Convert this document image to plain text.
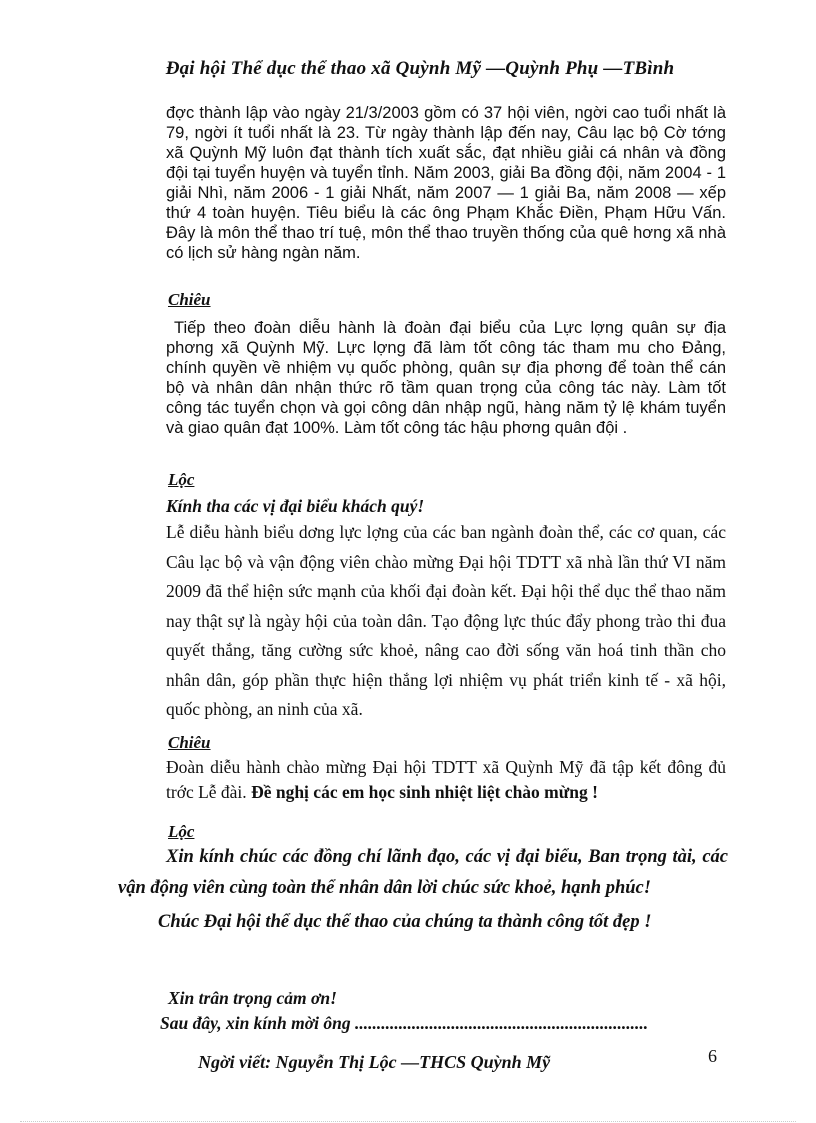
Đại hội Thể dục thể thao xã Quỳnh Mỹ —Quỳnh Phụ —TBình

đợc thành lập vào ngày 21/3/2003 gồm có 37 hội viên, ngời cao tuổi nhất là 79, ngời ít tuổi nhất là 23. Từ ngày thành lập đến nay, Câu lạc bộ Cờ tớng xã Quỳnh Mỹ luôn đạt thành tích xuất sắc, đạt nhiều giải cá nhân và đồng đội tại tuyển huyện và tuyển tỉnh. Năm 2003, giải Ba đồng đội, năm 2004 - 1 giải Nhì, năm 2006 - 1 giải Nhất, năm 2007 — 1 giải Ba, năm 2008 — xếp thứ 4 toàn huyện. Tiêu biểu là các ông Phạm Khắc Điền, Phạm Hữu Vấn. Đây là môn thể thao trí tuệ, môn thể thao truyền thống của quê hơng xã nhà có lịch sử hàng ngàn năm.

Chiêu

Tiếp theo đoàn diễu hành là đoàn đại biểu của Lực lợng quân sự địa phơng xã Quỳnh Mỹ. Lực lợng đã làm tốt công tác tham mu cho Đảng, chính quyền về nhiệm vụ quốc phòng, quân sự địa phơng để toàn thể cán bộ và nhân dân nhận thức rõ tầm quan trọng của công tác này. Làm tốt công tác tuyển chọn và gọi công dân nhập ngũ, hàng năm tỷ lệ khám tuyển và giao quân đạt 100%. Làm tốt công tác hậu phơng quân đội .

Lộc

Kính tha các vị đại biểu khách quý!

Lễ diễu hành biểu dơng lực lợng của các ban ngành đoàn thể, các cơ quan, các Câu lạc bộ và vận động viên chào mừng Đại hội TDTT xã nhà lần thứ VI năm 2009 đã thể hiện sức mạnh của khối đại đoàn kết. Đại hội thể dục thể thao năm nay thật sự là ngày hội của toàn dân. Tạo động lực thúc đẩy phong trào thi đua quyết thắng, tăng cường sức khoẻ, nâng cao đời sống văn hoá tinh thần cho nhân dân, góp phần thực hiện thắng lợi nhiệm vụ phát triển kinh tế - xã hội, quốc phòng, an ninh của xã.

Chiêu

Đoàn diễu hành chào mừng Đại hội TDTT xã Quỳnh Mỹ đã tập kết đông đủ trớc Lễ đài. Đề nghị các em học sinh nhiệt liệt chào mừng !

Lộc

Xin kính chúc các đồng chí lãnh đạo, các vị đại biểu, Ban trọng tài, các vận động viên cùng toàn thể nhân dân lời chúc sức khoẻ, hạnh phúc!

Chúc Đại hội thể dục thể thao của chúng ta thành công tốt đẹp !

Xin trân trọng cảm ơn!

Sau đây, xin kính mời ông ...................................................................

Ngời viết: Nguyễn Thị Lộc —THCS Quỳnh Mỹ	6
